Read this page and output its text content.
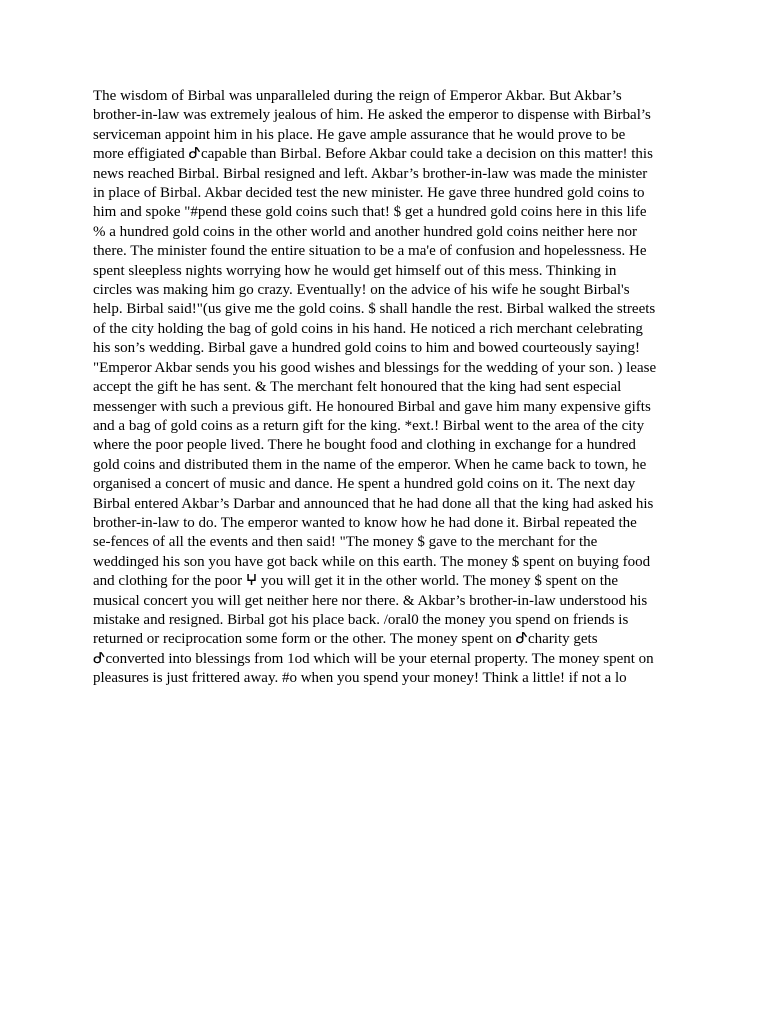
The wisdom of Birbal was unparalleled during the reign of Emperor Akbar. But Akbar’s
brother-in-law was extremely jealous of him. He asked the emperor to dispense with Birbal’s
serviceman appoint him in his place. He gave ample assurance that he would prove to be
more effigiated ᕷcapable than Birbal. Before Akbar could take a decision on this matter! this
news reached Birbal. Birbal resigned and left. Akbar’s brother-in-law was made the minister
in place of Birbal. Akbar decided test the new minister. He gave three hundred gold coins to
him and spoke "#pend these gold coins such that! $ get a hundred gold coins here in this life
% a hundred gold coins in the other world and another hundred gold coins neither here nor
there. The minister found the entire situation to be a ma'e of confusion and hopelessness. He
spent sleepless nights worrying how he would get himself out of this mess. Thinking in
circles was making him go crazy. Eventually! on the advice of his wife he sought Birbal's
help. Birbal said!"(us give me the gold coins. $ shall handle the rest. Birbal walked the streets
of the city holding the bag of gold coins in his hand. He noticed a rich merchant celebrating
his son’s wedding. Birbal gave a hundred gold coins to him and bowed courteously saying!
"Emperor Akbar sends you his good wishes and blessings for the wedding of your son. ) lease
accept the gift he has sent. & The merchant felt honoured that the king had sent especial
messenger with such a previous gift. He honoured Birbal and gave him many expensive gifts
and a bag of gold coins as a return gift for the king. *ext.! Birbal went to the area of the city
where the poor people lived. There he bought food and clothing in exchange for a hundred
gold coins and distributed them in the name of the emperor. When he came back to town, he
organised a concert of music and dance. He spent a hundred gold coins on it. The next day
Birbal entered Akbar’s Darbar and announced that he had done all that the king had asked his
brother-in-law to do. The emperor wanted to know how he had done it. Birbal repeated the
se-fences of all the events and then said! "The money $ gave to the merchant for the
weddinged his son you have got back while on this earth. The money $ spent on buying food
and clothing for the poor ⵖ you will get it in the other world. The money $ spent on the
musical concert you will get neither here nor there. & Akbar’s brother-in-law understood his
mistake and resigned. Birbal got his place back. /oral0 the money you spend on friends is
returned or reciprocation some form or the other. The money spent on ᕷcharity gets
ᕷconverted into blessings from 1od which will be your eternal property. The money spent on
pleasures is just frittered away. #o when you spend your money! Think a little! if not a lo
